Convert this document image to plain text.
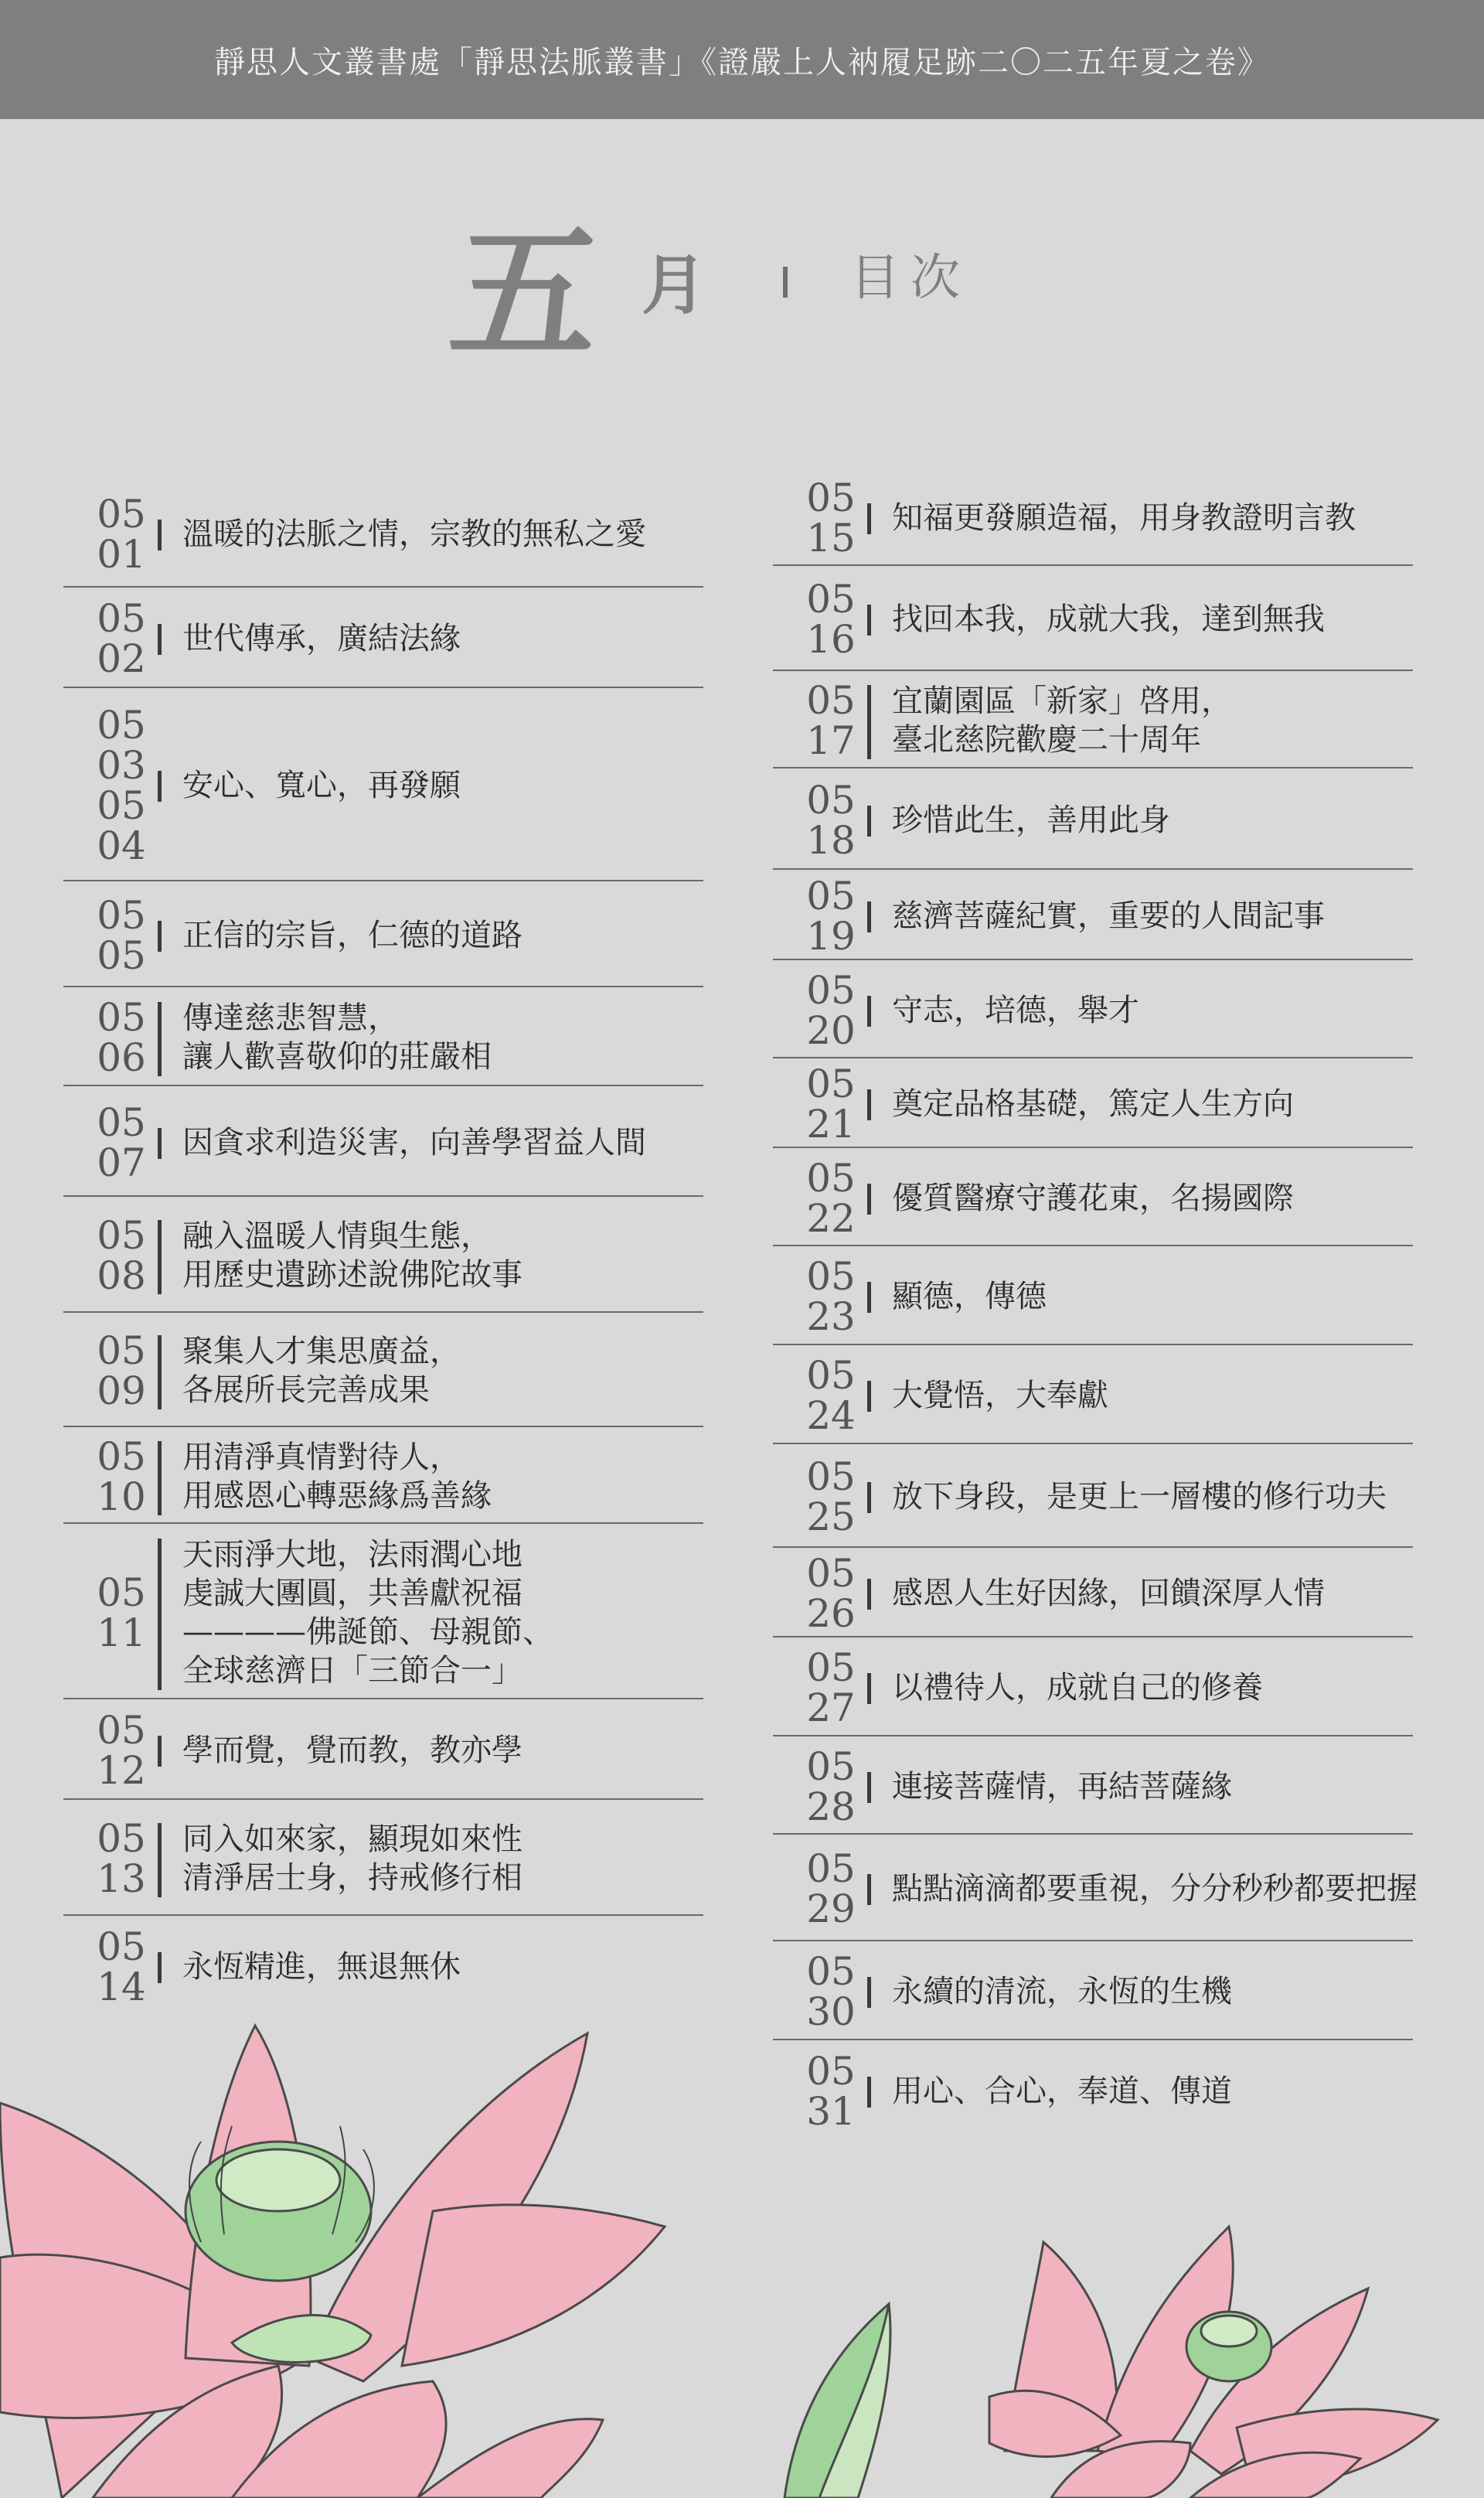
靜思人文叢書處「靜思法脈叢書」《證嚴上人衲履足跡二〇二五年夏之卷》
五 月	目次
05
01 溫暖的法脈之情，宗教的無私之愛
05
02 世代傳承，廣結法緣
05
03
05
04
安心、寬心，再發願
05
05 正信的宗旨，仁德的道路
05
06
傳達慈悲智慧，
讓人歡喜敬仰的莊嚴相
05
07 因貪求利造災害，向善學習益人間
05
08
融入溫暖人情與生態，
用歷史遺跡述說佛陀故事
05
09
聚集人才集思廣益，
各展所長完善成果
05
10
用清淨真情對待人，
用感恩心轉惡緣爲善緣
05
11
天雨淨大地，法雨潤心地
虔誠大團圓，共善獻祝福
————佛誕節、母親節、
全球慈濟日「三節合一」
05
12 學而覺，覺而教，教亦學
05
13
同入如來家，顯現如來性
清淨居士身，持戒修行相
05
14 永恆精進，無退無休
05
15 知福更發願造福，用身教證明言教
05
16 找回本我，成就大我，達到無我
05
17
宜蘭園區「新家」啓用，
臺北慈院歡慶二十周年
05
18 珍惜此生，善用此身
05
19 慈濟菩薩紀實，重要的人間記事
05
20 守志，培德，舉才
05
21 奠定品格基礎，篤定人生方向
05
22 優質醫療守護花東，名揚國際
05
23 顯德，傳德
05
24 大覺悟，大奉獻
05
25 放下身段，是更上一層樓的修行功夫
05
26 感恩人生好因緣，回饋深厚人情
05
27 以禮待人，成就自己的修養
05
28 連接菩薩情，再結菩薩緣
05
29 點點滴滴都要重視，分分秒秒都要把握
05
30 永續的清流，永恆的生機
05
31 用心、合心，奉道、傳道
